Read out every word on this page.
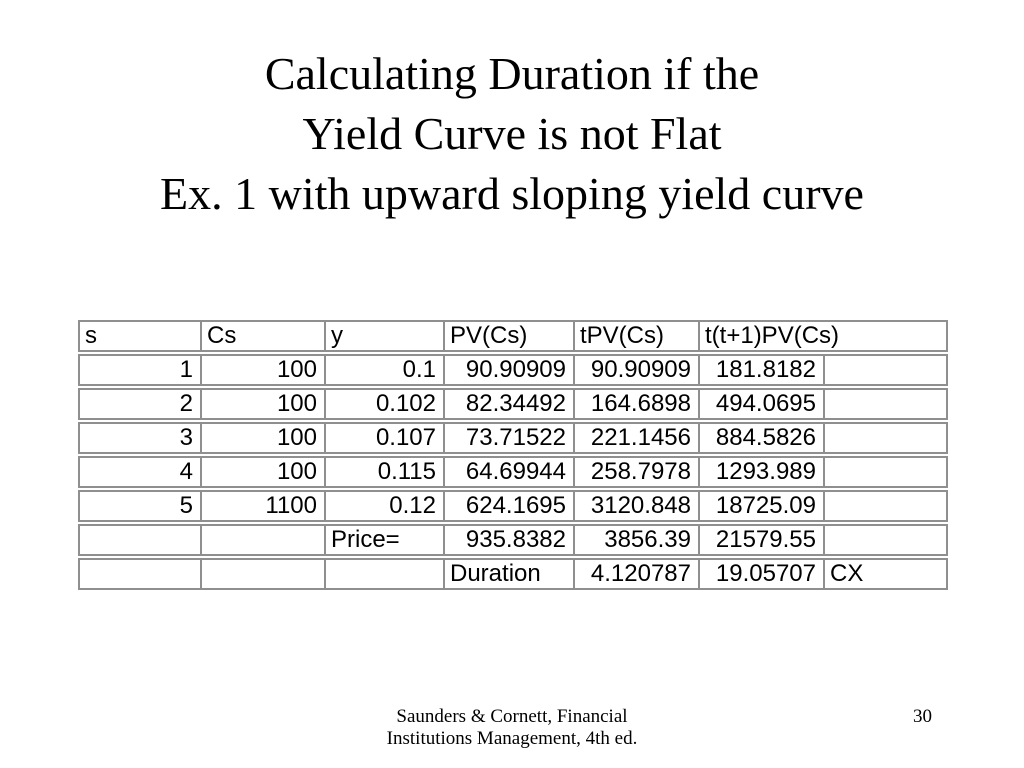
Calculating Duration if the
Yield Curve is not Flat
Ex. 1 with upward sloping yield curve
s	Cs	y	PV(Cs)	tPV(Cs)	t(t+1)PV(Cs)	
1	100	0.1	90.90909	90.90909	181.8182	
2	100	0.102	82.34492	164.6898	494.0695	
3	100	0.107	73.71522	221.1456	884.5826	
4	100	0.115	64.69944	258.7978	1293.989	
5	1100	0.12	624.1695	3120.848	18725.09	
		Price=	935.8382	3856.39	21579.55	
			Duration	4.120787	19.05707	CX
Saunders & Cornett, Financial
Institutions Management, 4th ed.
30
